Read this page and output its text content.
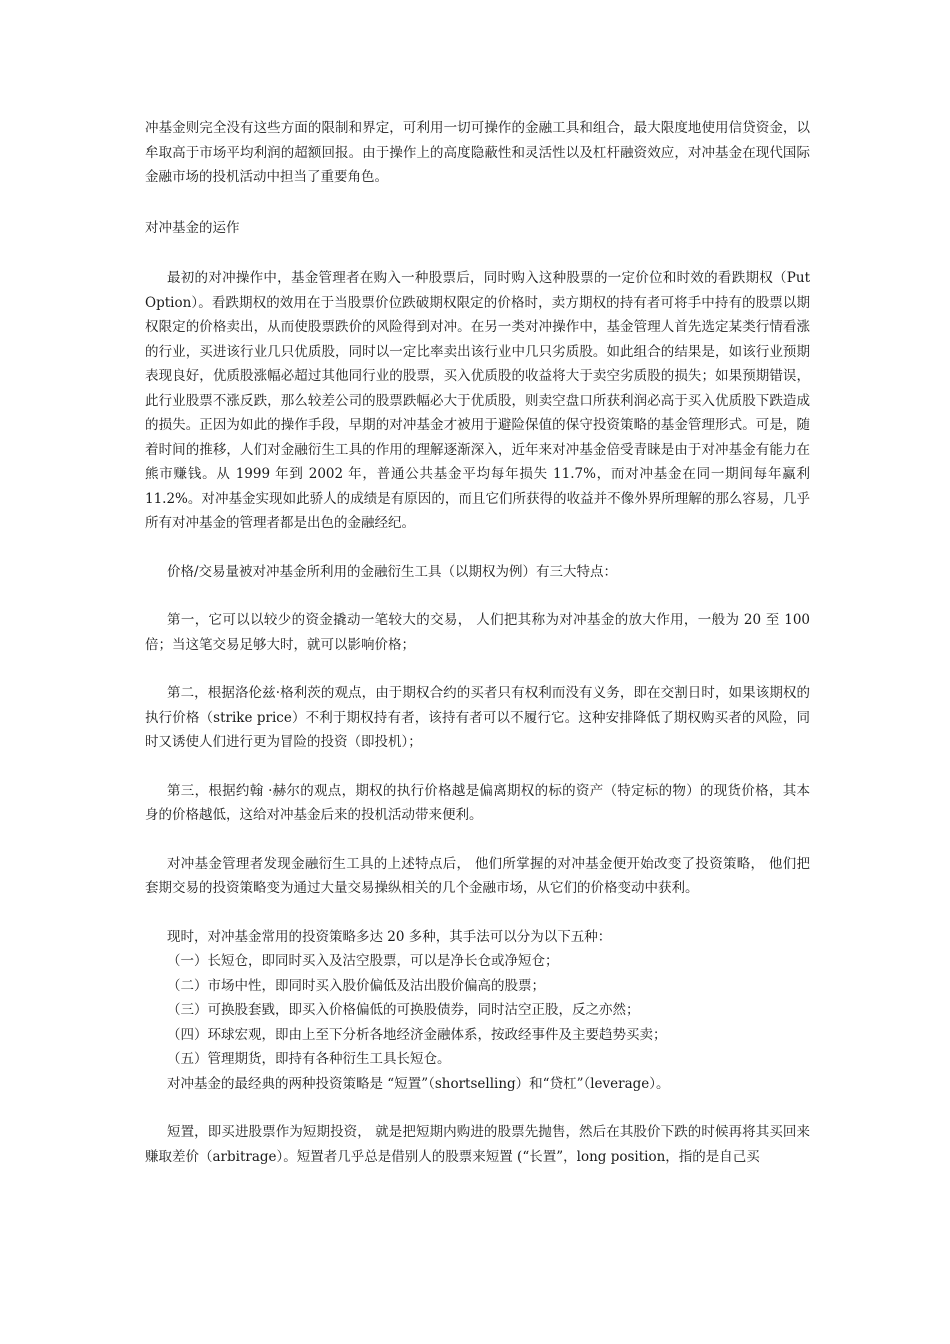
冲基金则完全没有这些方面的限制和界定，可利用一切可操作的金融工具和组合，最大限度地使用信贷资金，以牟取高于市场平均利润的超额回报。由于操作上的高度隐蔽性和灵活性以及杠杆融资效应，对冲基金在现代国际金融市场的投机活动中担当了重要角色。

对冲基金的运作

最初的对冲操作中，基金管理者在购入一种股票后，同时购入这种股票的一定价位和时效的看跌期权（Put Option）。看跌期权的效用在于当股票价位跌破期权限定的价格时，卖方期权的持有者可将手中持有的股票以期权限定的价格卖出，从而使股票跌价的风险得到对冲。在另一类对冲操作中，基金管理人首先选定某类行情看涨的行业，买进该行业几只优质股，同时以一定比率卖出该行业中几只劣质股。如此组合的结果是，如该行业预期表现良好，优质股涨幅必超过其他同行业的股票，买入优质股的收益将大于卖空劣质股的损失；如果预期错误，此行业股票不涨反跌，那么较差公司的股票跌幅必大于优质股，则卖空盘口所获利润必高于买入优质股下跌造成的损失。正因为如此的操作手段，早期的对冲基金才被用于避险保值的保守投资策略的基金管理形式。可是，随着时间的推移，人们对金融衍生工具的作用的理解逐渐深入，近年来对冲基金倍受青睐是由于对冲基金有能力在熊市赚钱。从 1999 年到 2002 年，普通公共基金平均每年损失 11.7%，而对冲基金在同一期间每年赢利 11.2%。对冲基金实现如此骄人的成绩是有原因的，而且它们所获得的收益并不像外界所理解的那么容易，几乎所有对冲基金的管理者都是出色的金融经纪。

价格/交易量被对冲基金所利用的金融衍生工具（以期权为例）有三大特点：

第一，它可以以较少的资金撬动一笔较大的交易， 人们把其称为对冲基金的放大作用，一般为 20 至 100 倍；当这笔交易足够大时，就可以影响价格；

第二，根据洛伦兹·格利茨的观点，由于期权合约的买者只有权利而没有义务，即在交割日时，如果该期权的执行价格（strike price）不利于期权持有者，该持有者可以不履行它。这种安排降低了期权购买者的风险，同时又诱使人们进行更为冒险的投资（即投机）；

第三，根据约翰 ·赫尔的观点，期权的执行价格越是偏离期权的标的资产（特定标的物）的现货价格，其本身的价格越低，这给对冲基金后来的投机活动带来便利。

对冲基金管理者发现金融衍生工具的上述特点后， 他们所掌握的对冲基金便开始改变了投资策略， 他们把套期交易的投资策略变为通过大量交易操纵相关的几个金融市场，从它们的价格变动中获利。

现时，对冲基金常用的投资策略多达 20 多种，其手法可以分为以下五种：

（一）长短仓，即同时买入及沽空股票，可以是净长仓或净短仓；
（二）市场中性，即同时买入股价偏低及沽出股价偏高的股票；
（三）可换股套戥，即买入价格偏低的可换股债券，同时沽空正股，反之亦然；
（四）环球宏观，即由上至下分析各地经济金融体系，按政经事件及主要趋势买卖；
（五）管理期货，即持有各种衍生工具长短仓。

对冲基金的最经典的两种投资策略是 “短置”（shortselling）和“贷杠”（leverage）。

短置，即买进股票作为短期投资， 就是把短期内购进的股票先抛售，然后在其股价下跌的时候再将其买回来赚取差价（arbitrage）。短置者几乎总是借别人的股票来短置 (“长置”，long position，指的是自己买
